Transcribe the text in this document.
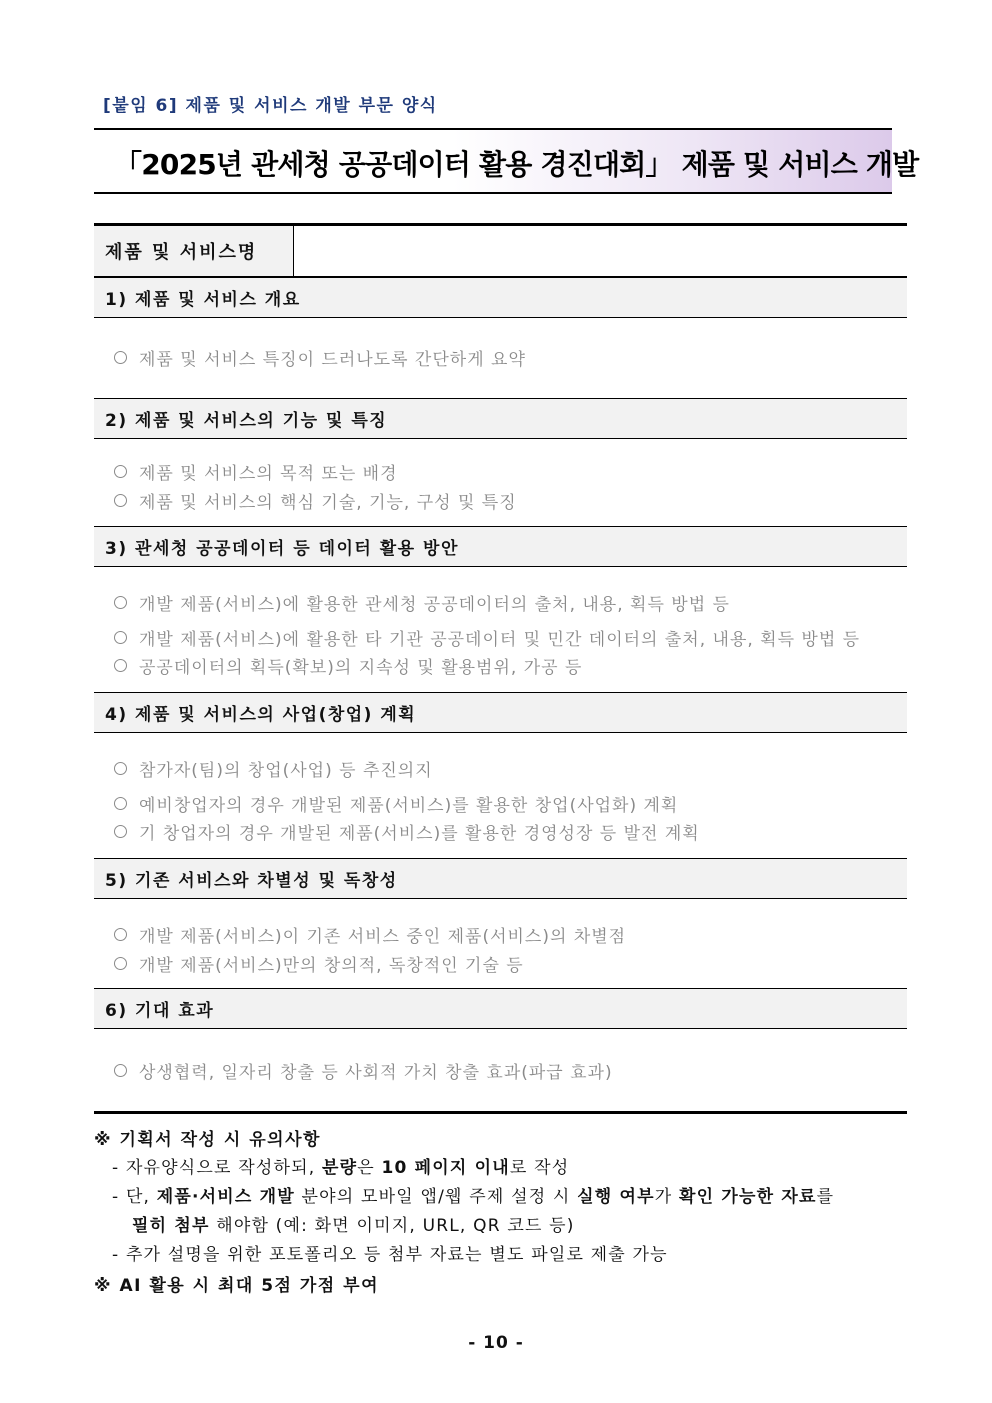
[붙임 6] 제품 및 서비스 개발 부문 양식
「2025년 관세청 공공데이터 활용 경진대회」 제품 및 서비스 개발
제품 및 서비스명
1) 제품 및 서비스 개요
제품 및 서비스 특징이 드러나도록 간단하게 요약
2) 제품 및 서비스의 기능 및 특징
제품 및 서비스의 목적 또는 배경
제품 및 서비스의 핵심 기술, 기능, 구성 및 특징
3) 관세청 공공데이터 등 데이터 활용 방안
개발 제품(서비스)에 활용한 관세청 공공데이터의 출처, 내용, 획득 방법 등
개발 제품(서비스)에 활용한 타 기관 공공데이터 및 민간 데이터의 출처, 내용, 획득 방법 등
공공데이터의 획득(확보)의 지속성 및 활용범위, 가공 등
4) 제품 및 서비스의 사업(창업) 계획
참가자(팀)의 창업(사업) 등 추진의지
예비창업자의 경우 개발된 제품(서비스)를 활용한 창업(사업화) 계획
기 창업자의 경우 개발된 제품(서비스)를 활용한 경영성장 등 발전 계획
5) 기존 서비스와 차별성 및 독창성
개발 제품(서비스)이 기존 서비스 중인 제품(서비스)의 차별점
개발 제품(서비스)만의 창의적, 독창적인 기술 등
6) 기대 효과
상생협력, 일자리 창출 등 사회적 가치 창출 효과(파급 효과)
※ 기획서 작성 시 유의사항
- 자유양식으로 작성하되, 분량은 10 페이지 이내로 작성
- 단, 제품·서비스 개발 분야의 모바일 앱/웹 주제 설정 시 실행 여부가 확인 가능한 자료를
필히 첨부 해야함 (예: 화면 이미지, URL, QR 코드 등)
- 추가 설명을 위한 포토폴리오 등 첨부 자료는 별도 파일로 제출 가능
※ AI 활용 시 최대 5점 가점 부여
- 10 -
